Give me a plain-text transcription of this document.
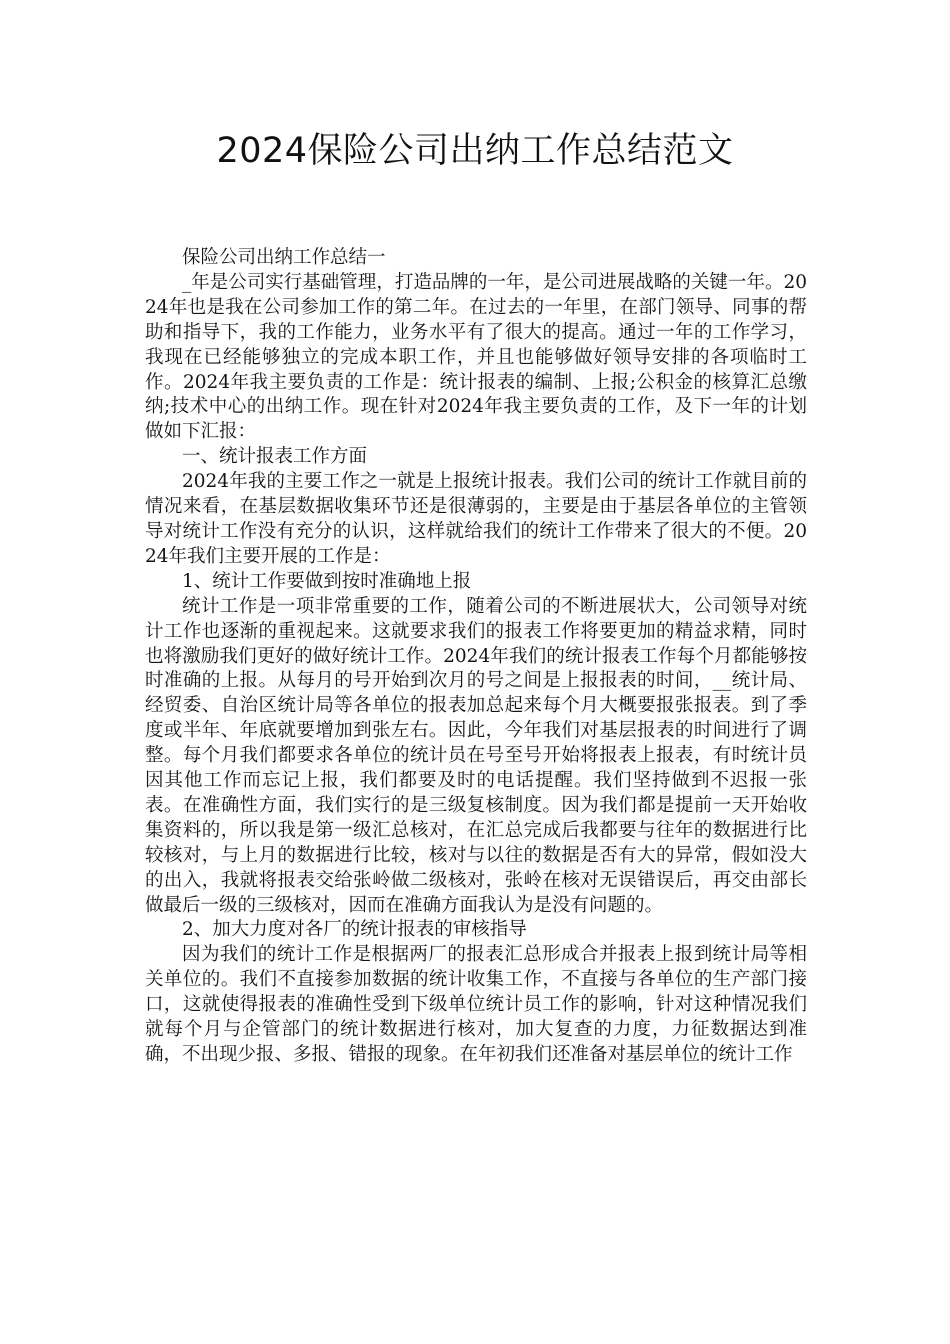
2024保险公司出纳工作总结范文

保险公司出纳工作总结一

_年是公司实行基础管理，打造品牌的一年，是公司进展战略的关键一年。2024年也是我在公司参加工作的第二年。在过去的一年里，在部门领导、同事的帮助和指导下，我的工作能力，业务水平有了很大的提高。通过一年的工作学习，我现在已经能够独立的完成本职工作，并且也能够做好领导安排的各项临时工作。2024年我主要负责的工作是：统计报表的编制、上报;公积金的核算汇总缴纳;技术中心的出纳工作。现在针对2024年我主要负责的工作，及下一年的计划做如下汇报：

一、统计报表工作方面

2024年我的主要工作之一就是上报统计报表。我们公司的统计工作就目前的情况来看，在基层数据收集环节还是很薄弱的，主要是由于基层各单位的主管领导对统计工作没有充分的认识，这样就给我们的统计工作带来了很大的不便。2024年我们主要开展的工作是：

1、统计工作要做到按时准确地上报

统计工作是一项非常重要的工作，随着公司的不断进展状大，公司领导对统计工作也逐渐的重视起来。这就要求我们的报表工作将要更加的精益求精，同时也将激励我们更好的做好统计工作。2024年我们的统计报表工作每个月都能够按时准确的上报。从每月的号开始到次月的号之间是上报报表的时间，__统计局、经贸委、自治区统计局等各单位的报表加总起来每个月大概要报张报表。到了季度或半年、年底就要增加到张左右。因此，今年我们对基层报表的时间进行了调整。每个月我们都要求各单位的统计员在号至号开始将报表上报表，有时统计员因其他工作而忘记上报，我们都要及时的电话提醒。我们坚持做到不迟报一张表。在准确性方面，我们实行的是三级复核制度。因为我们都是提前一天开始收集资料的，所以我是第一级汇总核对，在汇总完成后我都要与往年的数据进行比较核对，与上月的数据进行比较，核对与以往的数据是否有大的异常，假如没大的出入，我就将报表交给张岭做二级核对，张岭在核对无误错误后，再交由部长做最后一级的三级核对，因而在准确方面我认为是没有问题的。

2、加大力度对各厂的统计报表的审核指导

因为我们的统计工作是根据两厂的报表汇总形成合并报表上报到统计局等相关单位的。我们不直接参加数据的统计收集工作，不直接与各单位的生产部门接口，这就使得报表的准确性受到下级单位统计员工作的影响，针对这种情况我们就每个月与企管部门的统计数据进行核对，加大复查的力度，力征数据达到准确，不出现少报、多报、错报的现象。在年初我们还准备对基层单位的统计工作
